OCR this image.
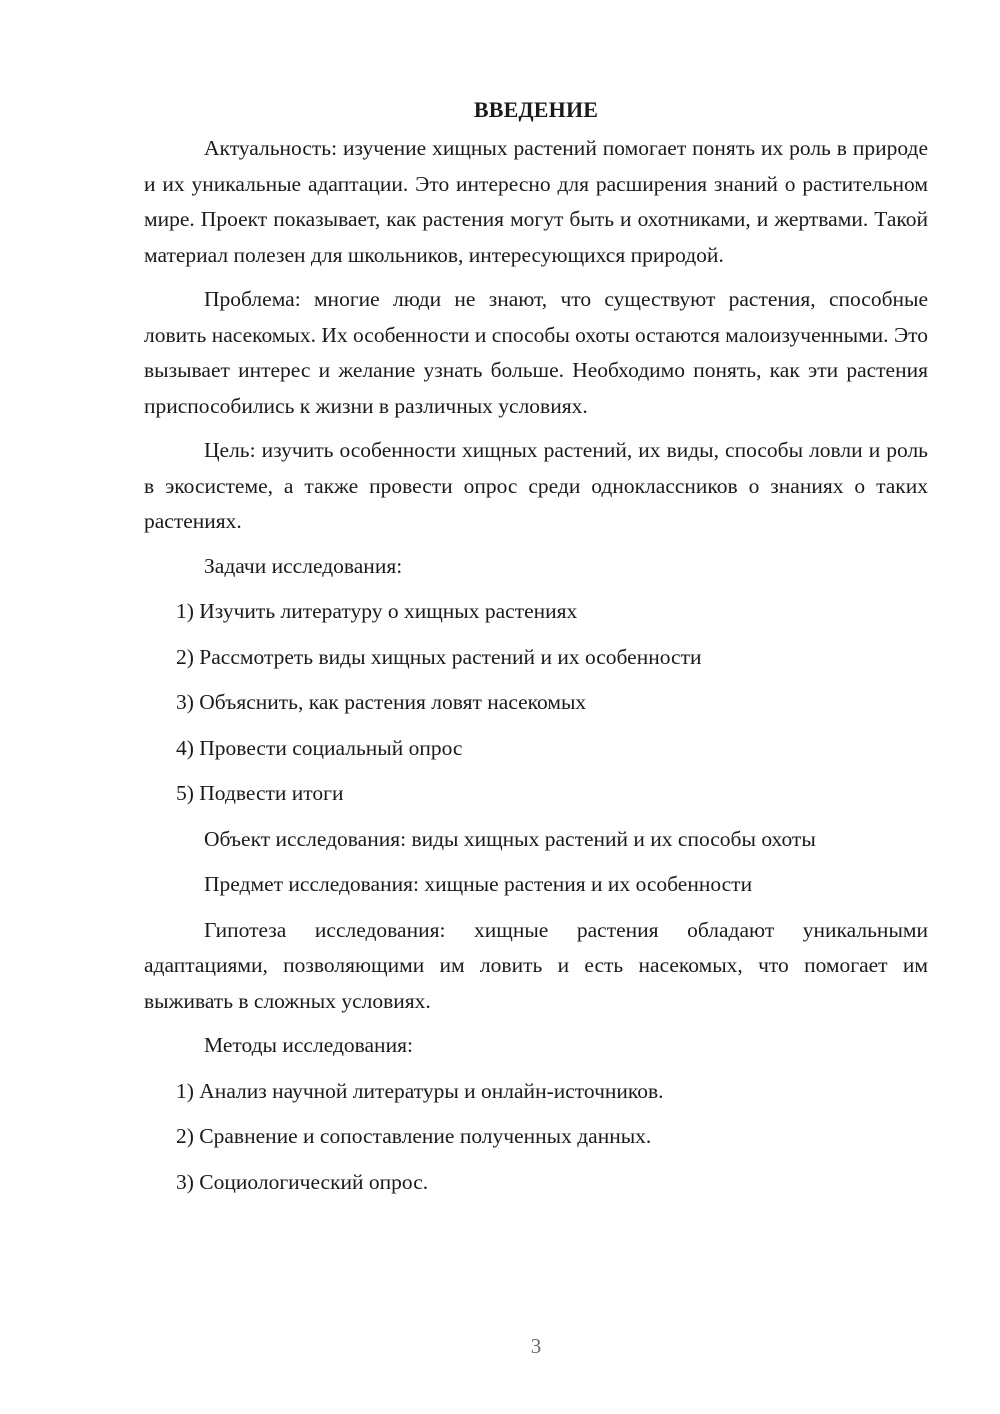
ВВЕДЕНИЕ

Актуальность: изучение хищных растений помогает понять их роль в природе и их уникальные адаптации. Это интересно для расширения знаний о растительном мире. Проект показывает, как растения могут быть и охотниками, и жертвами. Такой материал полезен для школьников, интересующихся природой.

Проблема: многие люди не знают, что существуют растения, способные ловить насекомых. Их особенности и способы охоты остаются малоизученными. Это вызывает интерес и желание узнать больше. Необходимо понять, как эти растения приспособились к жизни в различных условиях.

Цель: изучить особенности хищных растений, их виды, способы ловли и роль в экосистеме, а также провести опрос среди одноклассников о знаниях о таких растениях.

Задачи исследования:
1) Изучить литературу о хищных растениях
2) Рассмотреть виды хищных растений и их особенности
3) Объяснить, как растения ловят насекомых
4) Провести социальный опрос
5) Подвести итоги
Объект исследования: виды хищных растений и их способы охоты
Предмет исследования: хищные растения и их особенности

Гипотеза исследования: хищные растения обладают уникальными адаптациями, позволяющими им ловить и есть насекомых, что помогает им выживать в сложных условиях.

Методы исследования:
1) Анализ научной литературы и онлайн-источников.
2) Сравнение и сопоставление полученных данных.
3) Социологический опрос.
3
